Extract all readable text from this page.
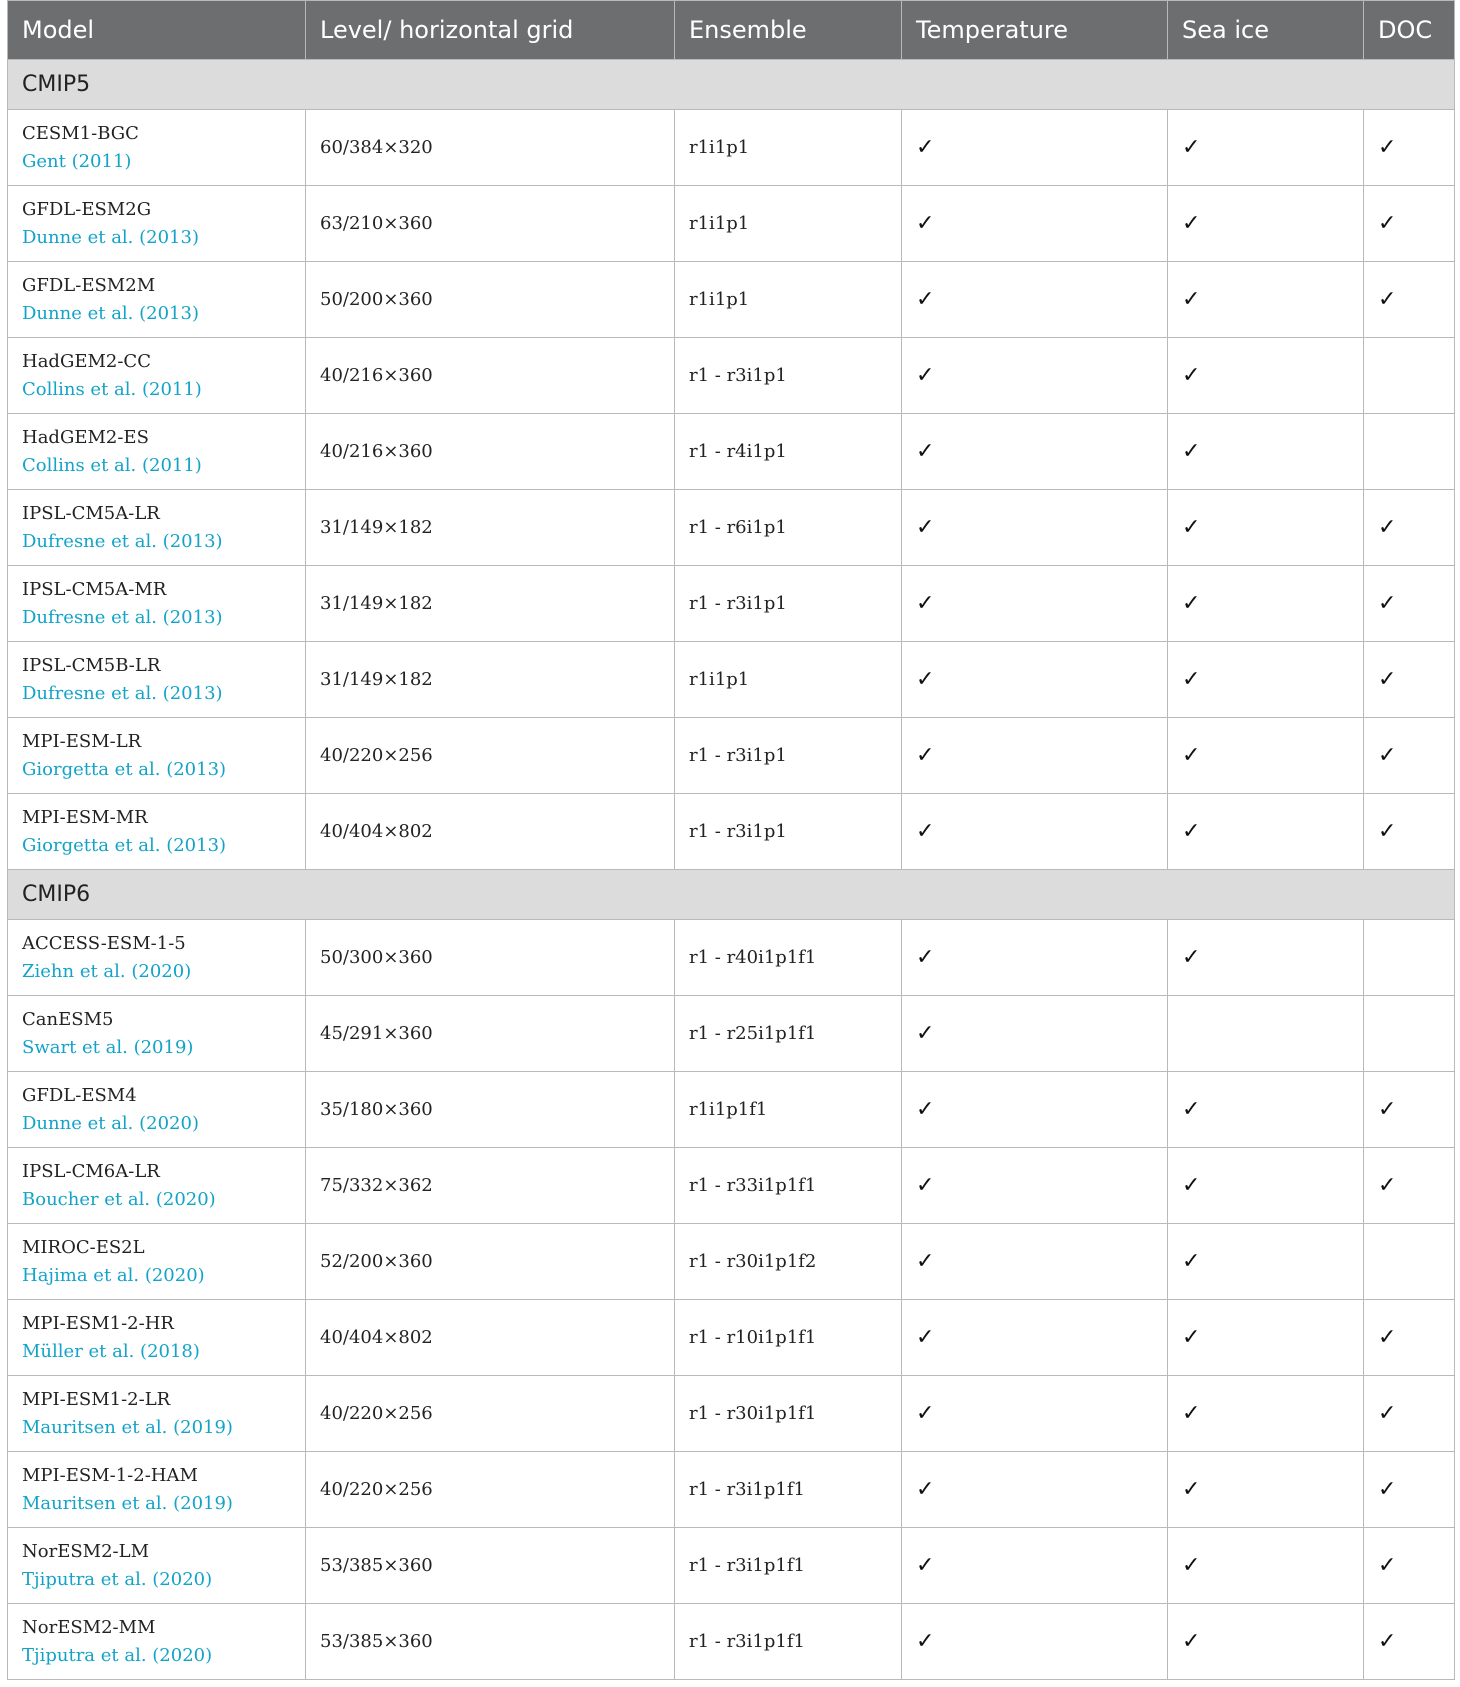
Model	Level/ horizontal grid	Ensemble	Temperature	Sea ice	DOC
CMIP5					

CESM1-BGC
Gent (2011)	60/384×320	r1i1p1	✓	✓	✓

GFDL-ESM2G
Dunne et al. (2013)	63/210×360	r1i1p1	✓	✓	✓

GFDL-ESM2M
Dunne et al. (2013)	50/200×360	r1i1p1	✓	✓	✓

HadGEM2-CC
Collins et al. (2011)	40/216×360	r1 - r3i1p1	✓	✓	

HadGEM2-ES
Collins et al. (2011)	40/216×360	r1 - r4i1p1	✓	✓	

IPSL-CM5A-LR
Dufresne et al. (2013)	31/149×182	r1 - r6i1p1	✓	✓	✓

IPSL-CM5A-MR
Dufresne et al. (2013)	31/149×182	r1 - r3i1p1	✓	✓	✓

IPSL-CM5B-LR
Dufresne et al. (2013)	31/149×182	r1i1p1	✓	✓	✓

MPI-ESM-LR
Giorgetta et al. (2013)	40/220×256	r1 - r3i1p1	✓	✓	✓

MPI-ESM-MR
Giorgetta et al. (2013)	40/404×802	r1 - r3i1p1	✓	✓	✓
CMIP6					

ACCESS-ESM-1-5
Ziehn et al. (2020)	50/300×360	r1 - r40i1p1f1	✓	✓	

CanESM5
Swart et al. (2019)	45/291×360	r1 - r25i1p1f1	✓		

GFDL-ESM4
Dunne et al. (2020)	35/180×360	r1i1p1f1	✓	✓	✓

IPSL-CM6A-LR
Boucher et al. (2020)	75/332×362	r1 - r33i1p1f1	✓	✓	✓

MIROC-ES2L
Hajima et al. (2020)	52/200×360	r1 - r30i1p1f2	✓	✓	

MPI-ESM1-2-HR
Müller et al. (2018)	40/404×802	r1 - r10i1p1f1	✓	✓	✓

MPI-ESM1-2-LR
Mauritsen et al. (2019)	40/220×256	r1 - r30i1p1f1	✓	✓	✓

MPI-ESM-1-2-HAM
Mauritsen et al. (2019)	40/220×256	r1 - r3i1p1f1	✓	✓	✓

NorESM2-LM
Tjiputra et al. (2020)	53/385×360	r1 - r3i1p1f1	✓	✓	✓

NorESM2-MM
Tjiputra et al. (2020)	53/385×360	r1 - r3i1p1f1	✓	✓	✓
